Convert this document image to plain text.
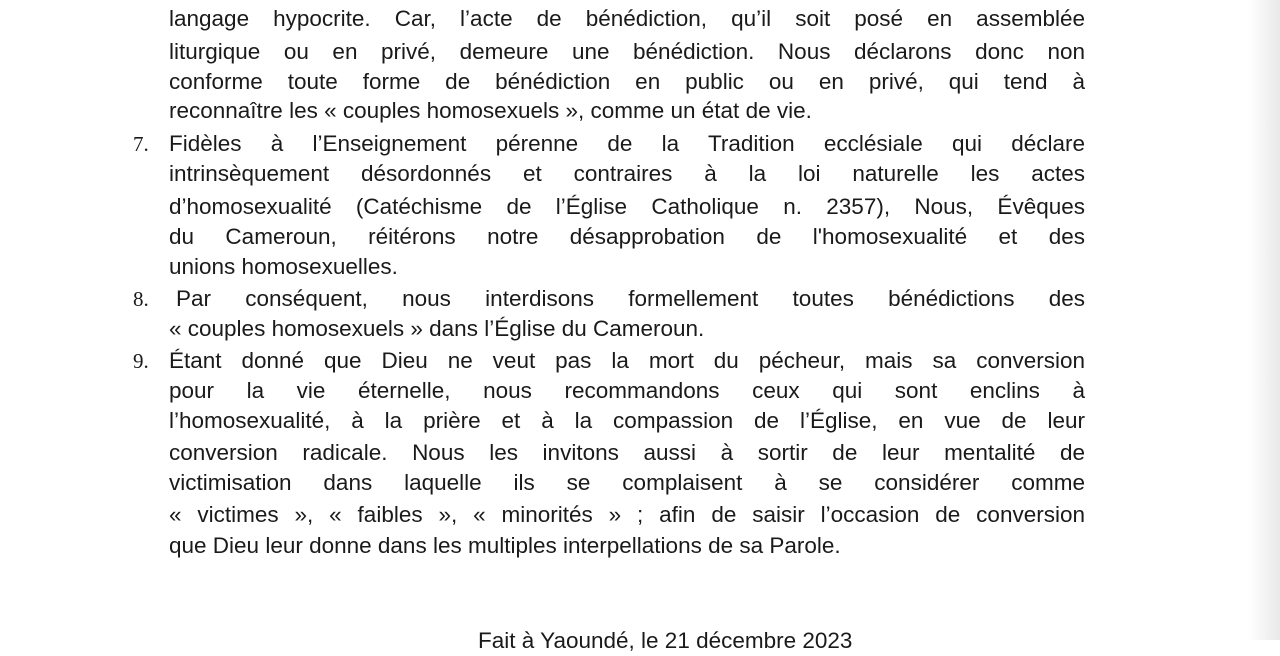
langage hypocrite. Car, l’acte de bénédiction, qu’il soit posé en assemblée
liturgique ou en privé, demeure une bénédiction. Nous déclarons donc non
conforme toute forme de bénédiction en public ou en privé, qui tend à
reconnaître les « couples homosexuels », comme un état de vie.
7. Fidèles à l’Enseignement pérenne de la Tradition ecclésiale qui déclare
intrinsèquement désordonnés et contraires à la loi naturelle les actes
d’homosexualité (Catéchisme de l’Église Catholique n. 2357), Nous, Évêques
du Cameroun, réitérons notre désapprobation de l'homosexualité et des
unions homosexuelles.
8. Par conséquent, nous interdisons formellement toutes bénédictions des
« couples homosexuels » dans l’Église du Cameroun.
9. Étant donné que Dieu ne veut pas la mort du pécheur, mais sa conversion
pour la vie éternelle, nous recommandons ceux qui sont enclins à
l’homosexualité, à la prière et à la compassion de l’Église, en vue de leur
conversion radicale. Nous les invitons aussi à sortir de leur mentalité de
victimisation dans laquelle ils se complaisent à se considérer comme
« victimes », « faibles », « minorités » ; afin de saisir l’occasion de conversion
que Dieu leur donne dans les multiples interpellations de sa Parole.
Fait à Yaoundé, le 21 décembre 2023
